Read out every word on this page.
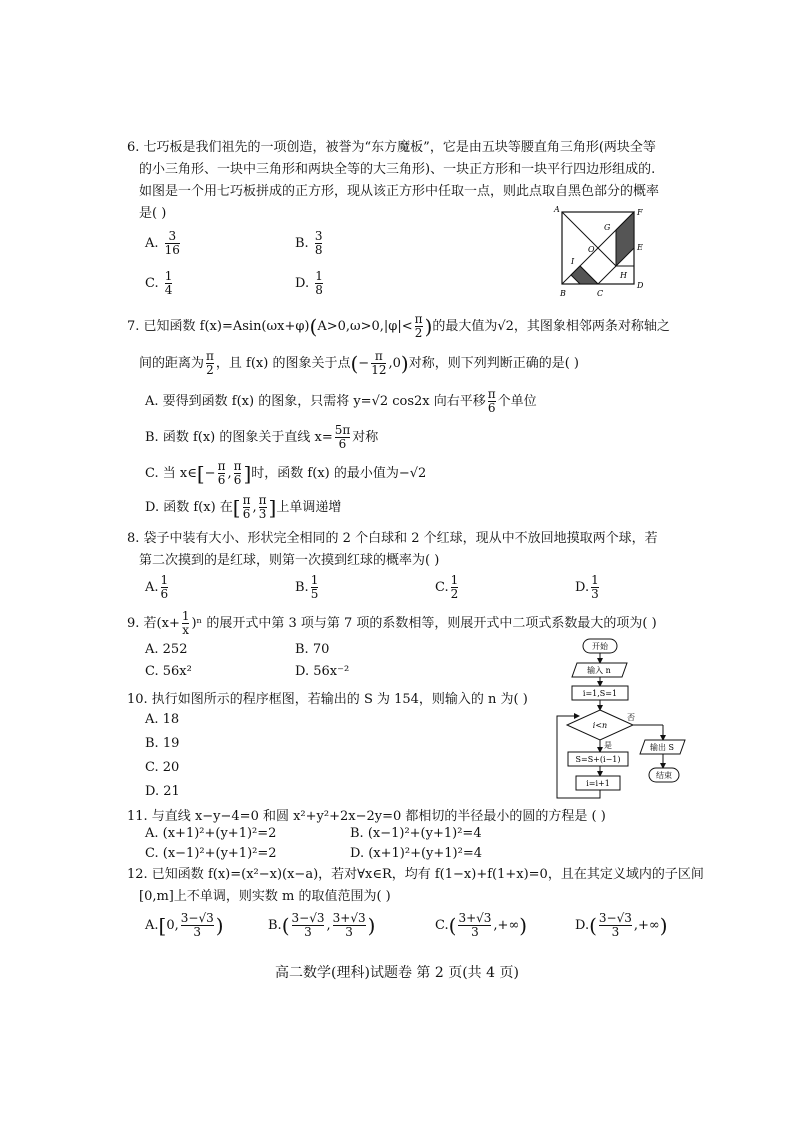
6. 七巧板是我们祖先的一项创造，被誉为“东方魔板”，它是由五块等腰直角三角形(两块全等
的小三角形、一块中三角形和两块全等的大三角形)、一块正方形和一块平行四边形组成的.
如图是一个用七巧板拼成的正方形，现从该正方形中任取一点，则此点取自黑色部分的概率
是( )
A. $\frac{3}{16}$	B. $\frac{3}{8}$
C. $\frac{1}{4}$	D. $\frac{1}{8}$
A	F
G
O	E
I
H
B	C
D
7. 已知函数 $f(x)=Asin(\omega x+\varphi)(A>0,\omega>0,|\varphi|< \frac{\pi}{2}$ )的最大值为√2，其图象相邻两条对称轴之
间的距离为 $\frac{\pi}{2}$ ，且 f(x) 的图象关于点(− $\frac{\pi}{12} ,0$)对称，则下列判断正确的是( )
A. 要得到函数 f(x) 的图象，只需将 y=√2 cos2x 向右平移 $\frac{\pi}{6}$ 个单位
B. 函数 f(x) 的图象关于直线 $x= \frac{5\pi}{6}$ 对称
C. 当 x∈[− $\frac{\pi}{6}$ , $\frac{\pi}{6}$ ]时，函数 f(x) 的最小值为−√2
D. 函数 f(x) 在[ $\frac{\pi}{6}$ , $\frac{\pi}{3}$ ]上单调递增
8. 袋子中装有大小、形状完全相同的 2 个白球和 2 个红球，现从中不放回地摸取两个球，若
第二次摸到的是红球，则第一次摸到红球的概率为( )
A. $\frac{1}{6}$	B. $\frac{1}{5}$	C. $\frac{1}{2}$	D. $\frac{1}{3}$
9. 若$(x+ \frac{1}{x} )^n$ 的展开式中第 3 项与第 7 项的系数相等，则展开式中二项式系数最大的项为( )
A. 252	B. 70
C. 56x²	D. 56x⁻²
10. 执行如图所示的程序框图，若输出的 S 为 154，则输入的 n 为( )
A. 18
B. 19
C. 20
D. 21
开始
输入 n
i=1,S=1
i<n
否
输出 S
结束
是
S=S+(i−1)
i=i+1
11. 与直线 x−y−4=0 和圆 x²+y²+2x−2y=0 都相切的半径最小的圆的方程是 ( )
A. (x+1)²+(y+1)²=2	B. (x−1)²+(y+1)²=4
C. (x−1)²+(y+1)²=2	D. (x+1)²+(y+1)²=4
12. 已知函数 f(x)=(x²−x)(x−a)，若对∀x∈R，均有 f(1−x)+f(1+x)=0，且在其定义域内的子区间
[0,m]上不单调，则实数 m 的取值范围为( )
A.[0, $\frac{3-√3}{3}$ )	$B.( \frac{3-√3}{3}$ , $\frac{3+√3}{3}$ )	$C.( \frac{3+√3}{3}$ ,+∞)	$D.( \frac{3-√3}{3}$ ,+∞)
高二数学(理科)试题卷 第 2 页(共 4 页)
